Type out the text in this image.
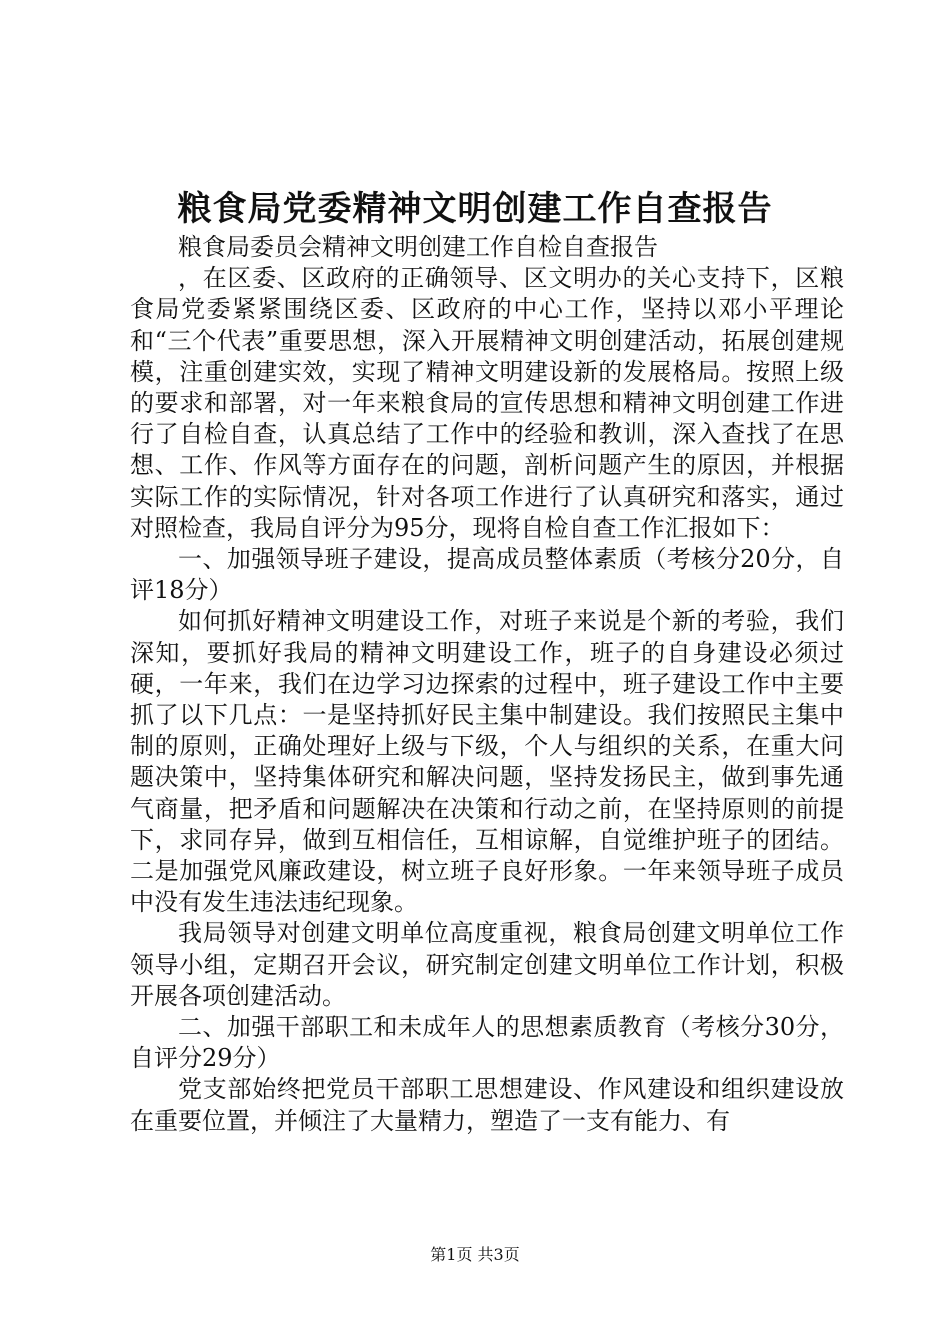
粮食局党委精神文明创建工作自查报告

粮食局委员会精神文明创建工作自检自查报告

，在区委、区政府的正确领导、区文明办的关心支持下，区粮食局党委紧紧围绕区委、区政府的中心工作，坚持以邓小平理论和“三个代表”重要思想，深入开展精神文明创建活动，拓展创建规模，注重创建实效，实现了精神文明建设新的发展格局。按照上级的要求和部署，对一年来粮食局的宣传思想和精神文明创建工作进行了自检自查，认真总结了工作中的经验和教训，深入查找了在思想、工作、作风等方面存在的问题，剖析问题产生的原因，并根据实际工作的实际情况，针对各项工作进行了认真研究和落实，通过对照检查，我局自评分为95分，现将自检自查工作汇报如下：

一、加强领导班子建设，提高成员整体素质（考核分20分，自评18分）

如何抓好精神文明建设工作，对班子来说是个新的考验，我们深知，要抓好我局的精神文明建设工作，班子的自身建设必须过硬，一年来，我们在边学习边探索的过程中，班子建设工作中主要抓了以下几点：一是坚持抓好民主集中制建设。我们按照民主集中制的原则，正确处理好上级与下级，个人与组织的关系，在重大问题决策中，坚持集体研究和解决问题，坚持发扬民主，做到事先通气商量，把矛盾和问题解决在决策和行动之前，在坚持原则的前提下，求同存异，做到互相信任，互相谅解，自觉维护班子的团结。二是加强党风廉政建设，树立班子良好形象。一年来领导班子成员中没有发生违法违纪现象。

我局领导对创建文明单位高度重视，粮食局创建文明单位工作领导小组，定期召开会议，研究制定创建文明单位工作计划，积极开展各项创建活动。

二、加强干部职工和未成年人的思想素质教育（考核分30分，自评分29分）

党支部始终把党员干部职工思想建设、作风建设和组织建设放在重要位置，并倾注了大量精力，塑造了一支有能力、有

第1页 共3页
